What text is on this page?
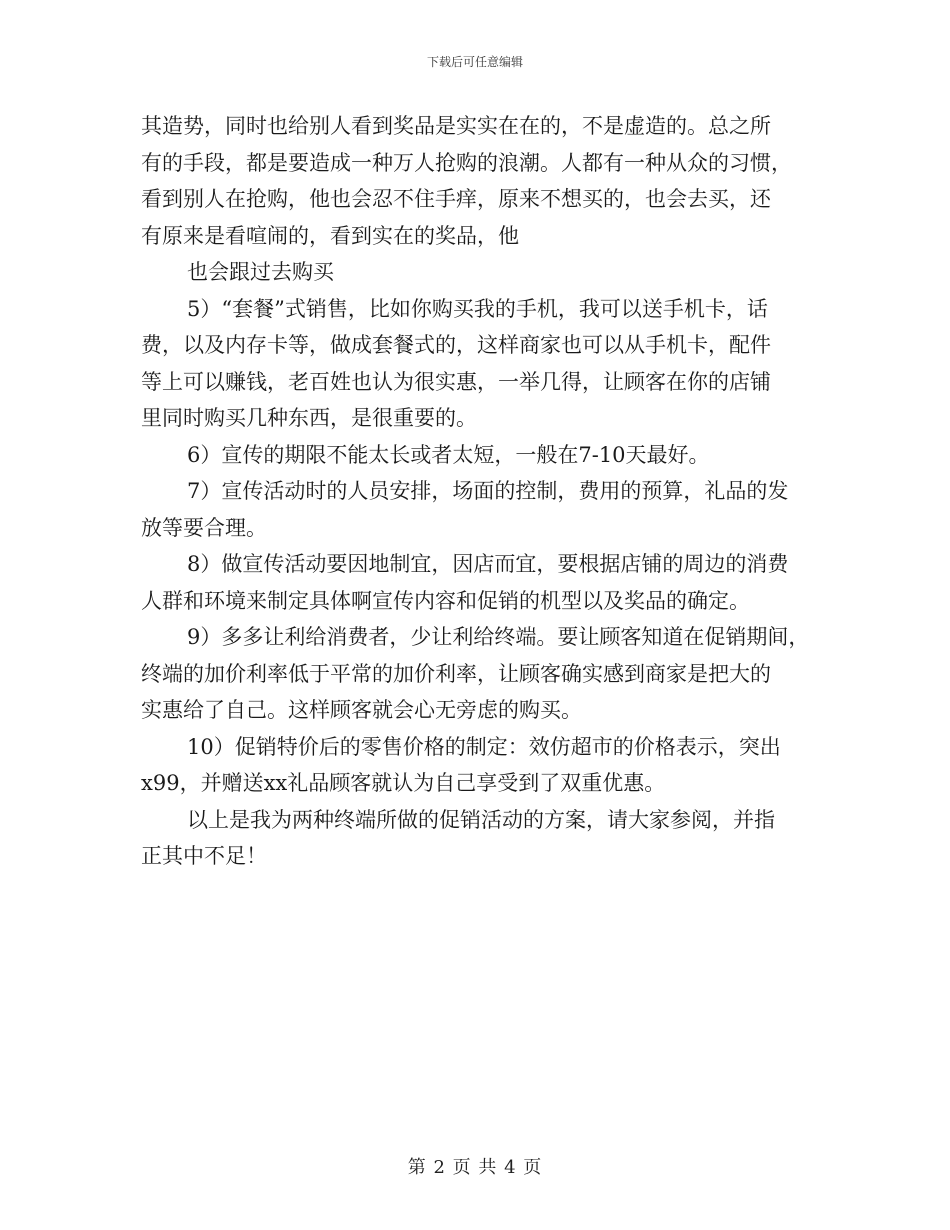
下载后可任意编辑
其造势，同时也给别人看到奖品是实实在在的，不是虚造的。总之所
有的手段，都是要造成一种万人抢购的浪潮。人都有一种从众的习惯，
看到别人在抢购，他也会忍不住手痒，原来不想买的，也会去买，还
有原来是看喧闹的，看到实在的奖品，他
也会跟过去购买
5）“套餐”式销售，比如你购买我的手机，我可以送手机卡，话
费，以及内存卡等，做成套餐式的，这样商家也可以从手机卡，配件
等上可以赚钱，老百姓也认为很实惠，一举几得，让顾客在你的店铺
里同时购买几种东西，是很重要的。
6）宣传的期限不能太长或者太短，一般在7-10天最好。
7）宣传活动时的人员安排，场面的控制，费用的预算，礼品的发
放等要合理。
8）做宣传活动要因地制宜，因店而宜，要根据店铺的周边的消费
人群和环境来制定具体啊宣传内容和促销的机型以及奖品的确定。
9）多多让利给消费者，少让利给终端。要让顾客知道在促销期间，
终端的加价利率低于平常的加价利率，让顾客确实感到商家是把大的
实惠给了自己。这样顾客就会心无旁虑的购买。
10）促销特价后的零售价格的制定：效仿超市的价格表示，突出
x99，并赠送xx礼品顾客就认为自己享受到了双重优惠。
以上是我为两种终端所做的促销活动的方案，请大家参阅，并指
正其中不足！
第 2 页 共 4 页
